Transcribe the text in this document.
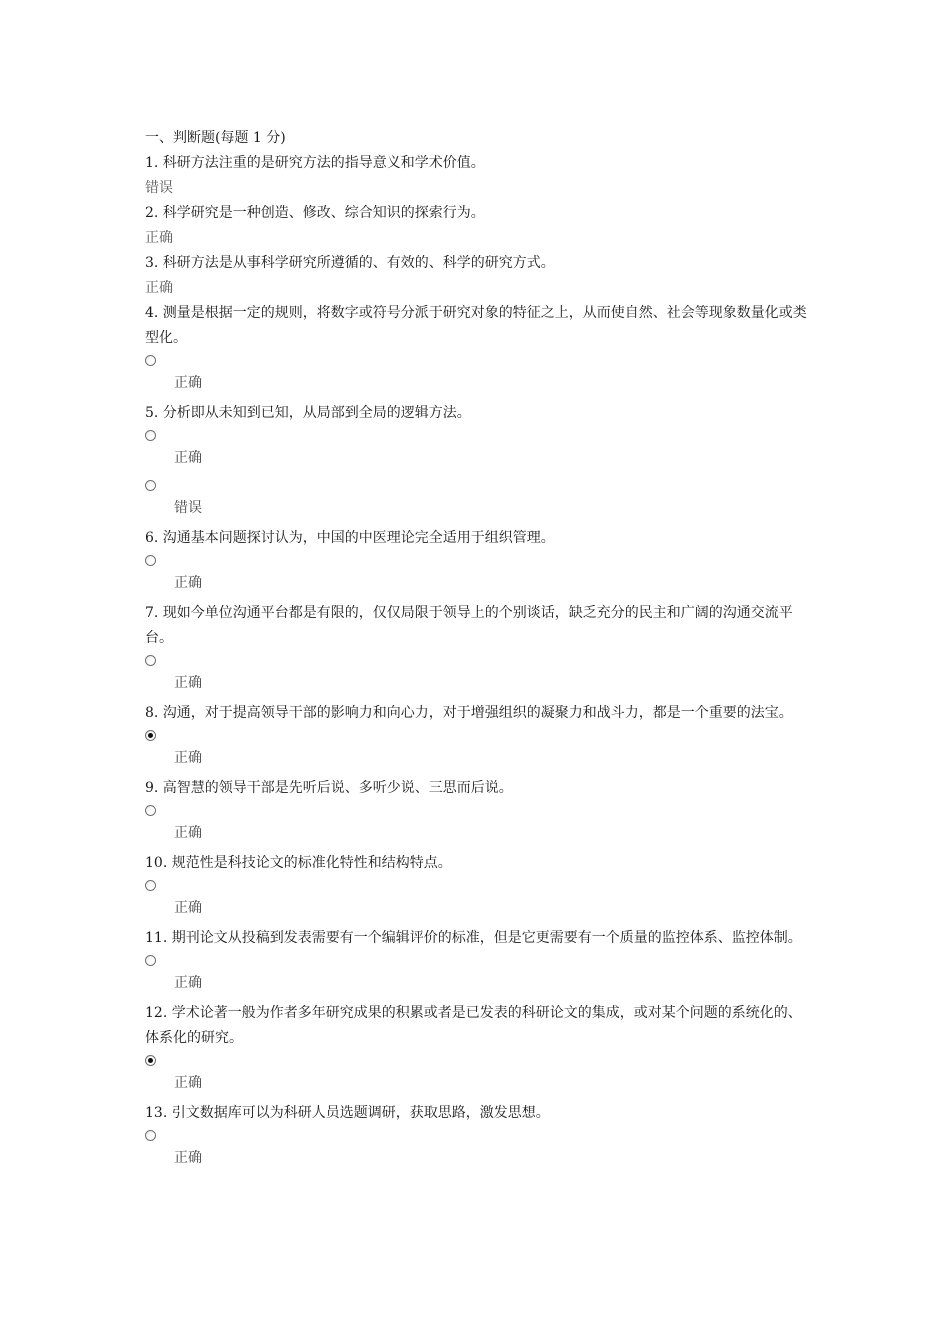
一、判断题(每题 1 分)
1. 科研方法注重的是研究方法的指导意义和学术价值。
错误
2. 科学研究是一种创造、修改、综合知识的探索行为。
正确
3. 科研方法是从事科学研究所遵循的、有效的、科学的研究方式。
正确
4. 测量是根据一定的规则，将数字或符号分派于研究对象的特征之上，从而使自然、社会等现象数量化或类型化。
正确
5. 分析即从未知到已知，从局部到全局的逻辑方法。
正确
错误
6. 沟通基本问题探讨认为，中国的中医理论完全适用于组织管理。
正确
7. 现如今单位沟通平台都是有限的，仅仅局限于领导上的个别谈话，缺乏充分的民主和广阔的沟通交流平台。
正确
8. 沟通，对于提高领导干部的影响力和向心力，对于增强组织的凝聚力和战斗力，都是一个重要的法宝。
正确
9. 高智慧的领导干部是先听后说、多听少说、三思而后说。
正确
10. 规范性是科技论文的标准化特性和结构特点。
正确
11. 期刊论文从投稿到发表需要有一个编辑评价的标准，但是它更需要有一个质量的监控体系、监控体制。
正确
12. 学术论著一般为作者多年研究成果的积累或者是已发表的科研论文的集成，或对某个问题的系统化的、体系化的研究。
正确
13. 引文数据库可以为科研人员选题调研，获取思路，激发思想。
正确
